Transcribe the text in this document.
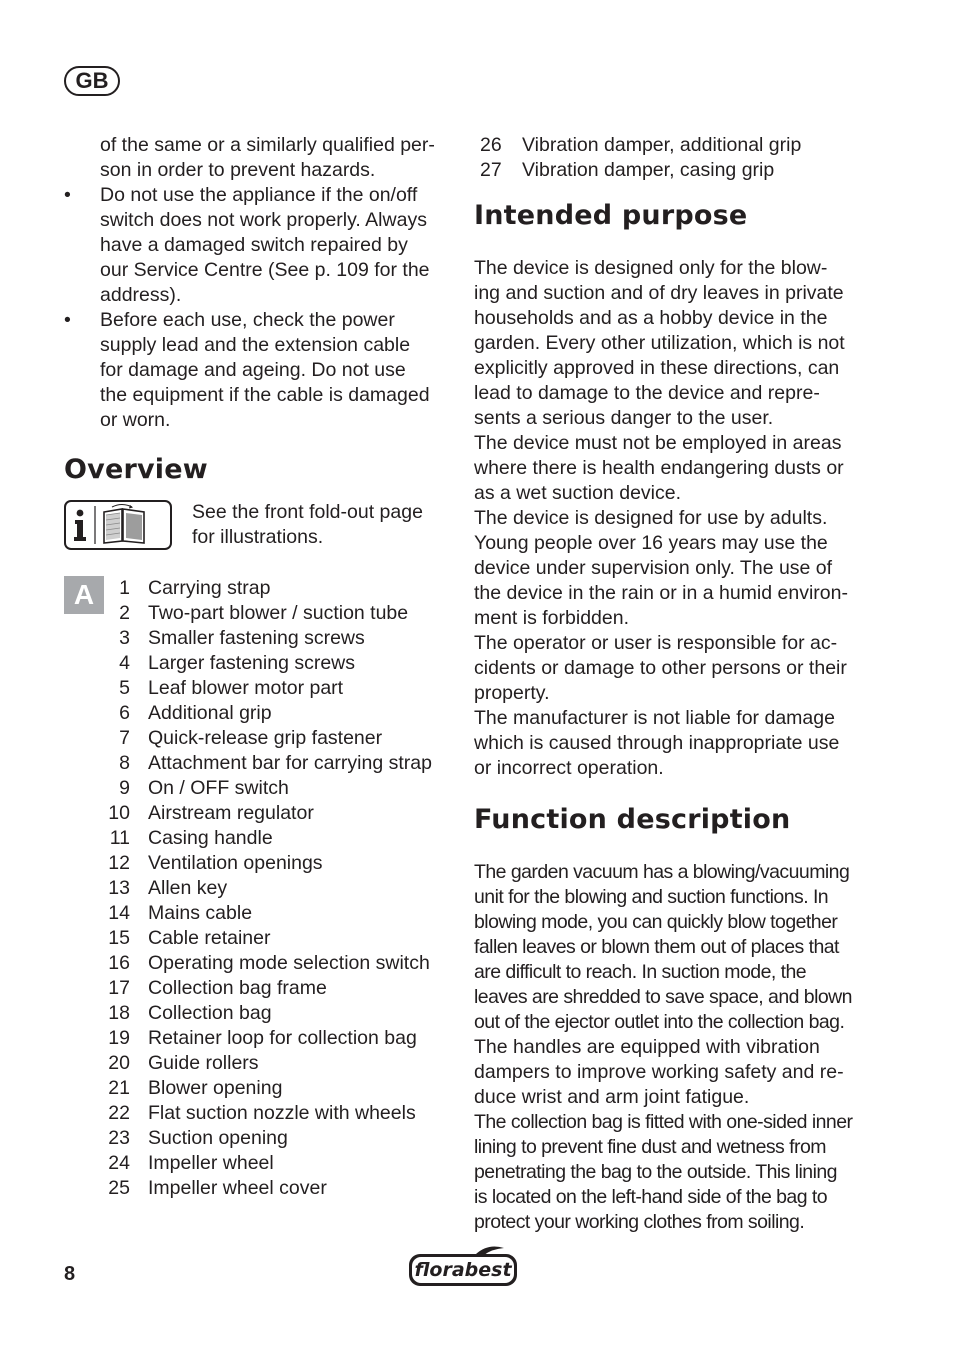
GB
of the same or a similarly qualified per-
son in order to prevent hazards.
•	Do not use the appliance if the on/off
switch does not work properly. Always
have a damaged switch repaired by
our Service Centre (See p. 109 for the
address).
•	Before each use, check the power
supply lead and the extension cable
for damage and ageing. Do not use
the equipment if the cable is damaged
or worn.
Overview
See the front fold-out page
for illustrations.
A	1 Carrying strap
2 Two-part blower / suction tube
3 Smaller fastening screws
4 Larger fastening screws
5 Leaf blower motor part
6 Additional grip
7 Quick-release grip fastener
8 Attachment bar for carrying strap
9 On / OFF switch
10 Airstream regulator
11 Casing handle
12 Ventilation openings
13 Allen key
14 Mains cable
15 Cable retainer
16 Operating mode selection switch
17 Collection bag frame
18 Collection bag
19 Retainer loop for collection bag
20 Guide rollers
21 Blower opening
22 Flat suction nozzle with wheels
23 Suction opening
24 Impeller wheel
25 Impeller wheel cover
26	Vibration damper, additional grip
27	Vibration damper, casing grip
Intended purpose
The device is designed only for the blow-
ing and suction and of dry leaves in private
households and as a hobby device in the
garden. Every other utilization, which is not
explicitly approved in these directions, can
lead to damage to the device and repre-
sents a serious danger to the user.
The device must not be employed in areas
where there is health endangering dusts or
as a wet suction device.
The device is designed for use by adults.
Young people over 16 years may use the
device under supervision only. The use of
the device in the rain or in a humid environ-
ment is forbidden.
The operator or user is responsible for ac-
cidents or damage to other persons or their
property.
The manufacturer is not liable for damage
which is caused through inappropriate use
or incorrect operation.
Function description
The garden vacuum has a blowing/vacuuming
unit for the blowing and suction functions. In
blowing mode, you can quickly blow together
fallen leaves or blown them out of places that
are difficult to reach. In suction mode, the
leaves are shredded to save space, and blown
out of the ejector outlet into the collection bag.
The handles are equipped with vibration
dampers to improve working safety and re-
duce wrist and arm joint fatigue.
The collection bag is fitted with one-sided inner
lining to prevent fine dust and wetness from
penetrating the bag to the outside. This lining
is located on the left-hand side of the bag to
protect your working clothes from soiling.
8	florabest
